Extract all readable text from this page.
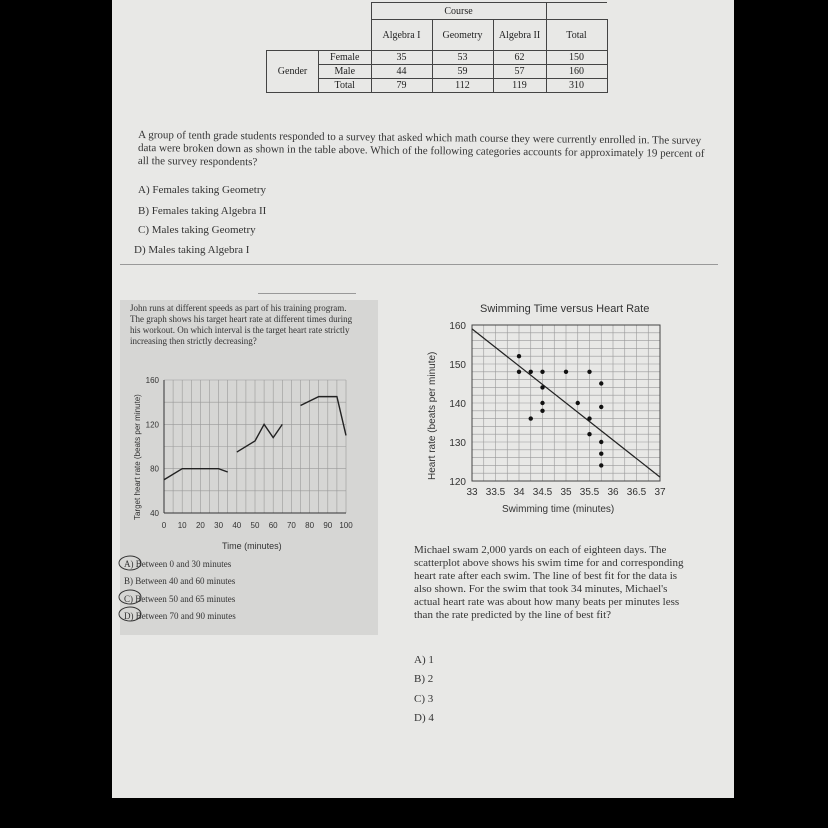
		Course			
		Algebra I	Geometry	Algebra II	Total
Gender	Female	35	53	62	150
	Male	44	59	57	160
	Total	79	112	119	310
A group of tenth grade students responded to a survey that asked which math course they were currently enrolled in. The survey data were broken down as shown in the table above. Which of the following categories accounts for approximately 19 percent of all the survey respondents?
A) Females taking Geometry
B) Females taking Algebra II
C) Males taking Geometry
D) Males taking Algebra I
John runs at different speeds as part of his training program. The graph shows his target heart rate at different times during his workout. On which interval is the target heart rate strictly increasing then strictly decreasing?
Target heart rate (beats per minute)
0 10 20 30 40 50 60 70 80 90 100
40
80
120
160
Time (minutes)
A) Between 0 and 30 minutes
B) Between 40 and 60 minutes
C) Between 50 and 65 minutes
D) Between 70 and 90 minutes
Swimming Time versus Heart Rate
Heart rate (beats per minute)
33 33.5 34 34.5 35 35.5 36 36.5 37
120
130
140
150
160
Swimming time (minutes)
Michael swam 2,000 yards on each of eighteen days. The scatterplot above shows his swim time for and corresponding heart rate after each swim. The line of best fit for the data is also shown. For the swim that took 34 minutes, Michael's actual heart rate was about how many beats per minutes less than the rate predicted by the line of best fit?
A) 1
B) 2
C) 3
D) 4
